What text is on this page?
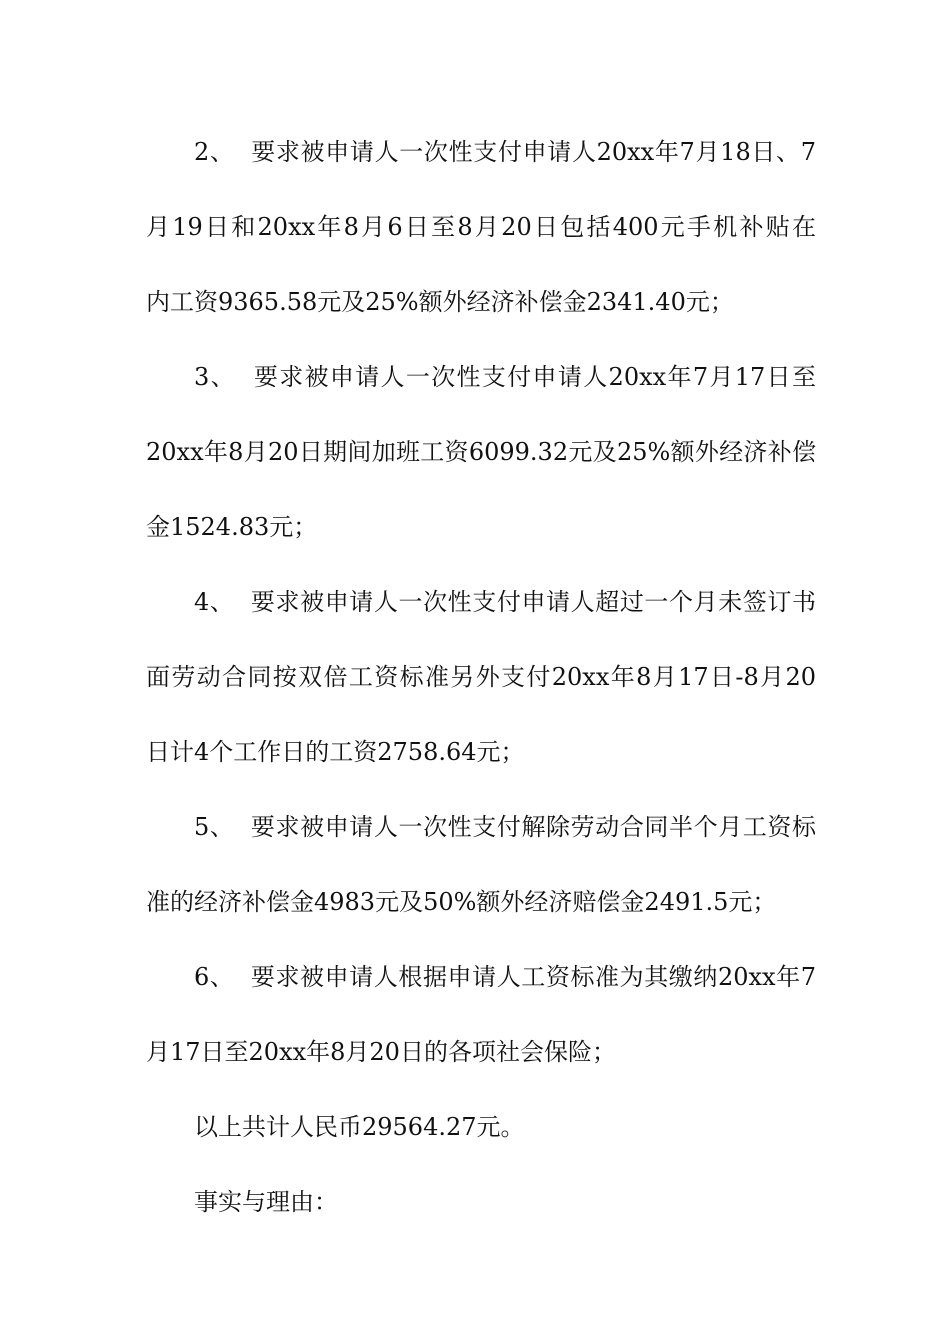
2、  要求被申请人一次性支付申请人20xx年7月18日、7
月19日和20xx年8月6日至8月20日包括400元手机补贴在
内工资9365.58元及25%额外经济补偿金2341.40元；
3、  要求被申请人一次性支付申请人20xx年7月17日至
20xx年8月20日期间加班工资6099.32元及25%额外经济补偿
金1524.83元；
4、  要求被申请人一次性支付申请人超过一个月未签订书
面劳动合同按双倍工资标准另外支付20xx年8月17日-8月20
日计4个工作日的工资2758.64元；
5、  要求被申请人一次性支付解除劳动合同半个月工资标
准的经济补偿金4983元及50%额外经济赔偿金2491.5元；
6、  要求被申请人根据申请人工资标准为其缴纳20xx年7
月17日至20xx年8月20日的各项社会保险；
以上共计人民币29564.27元。
事实与理由：
